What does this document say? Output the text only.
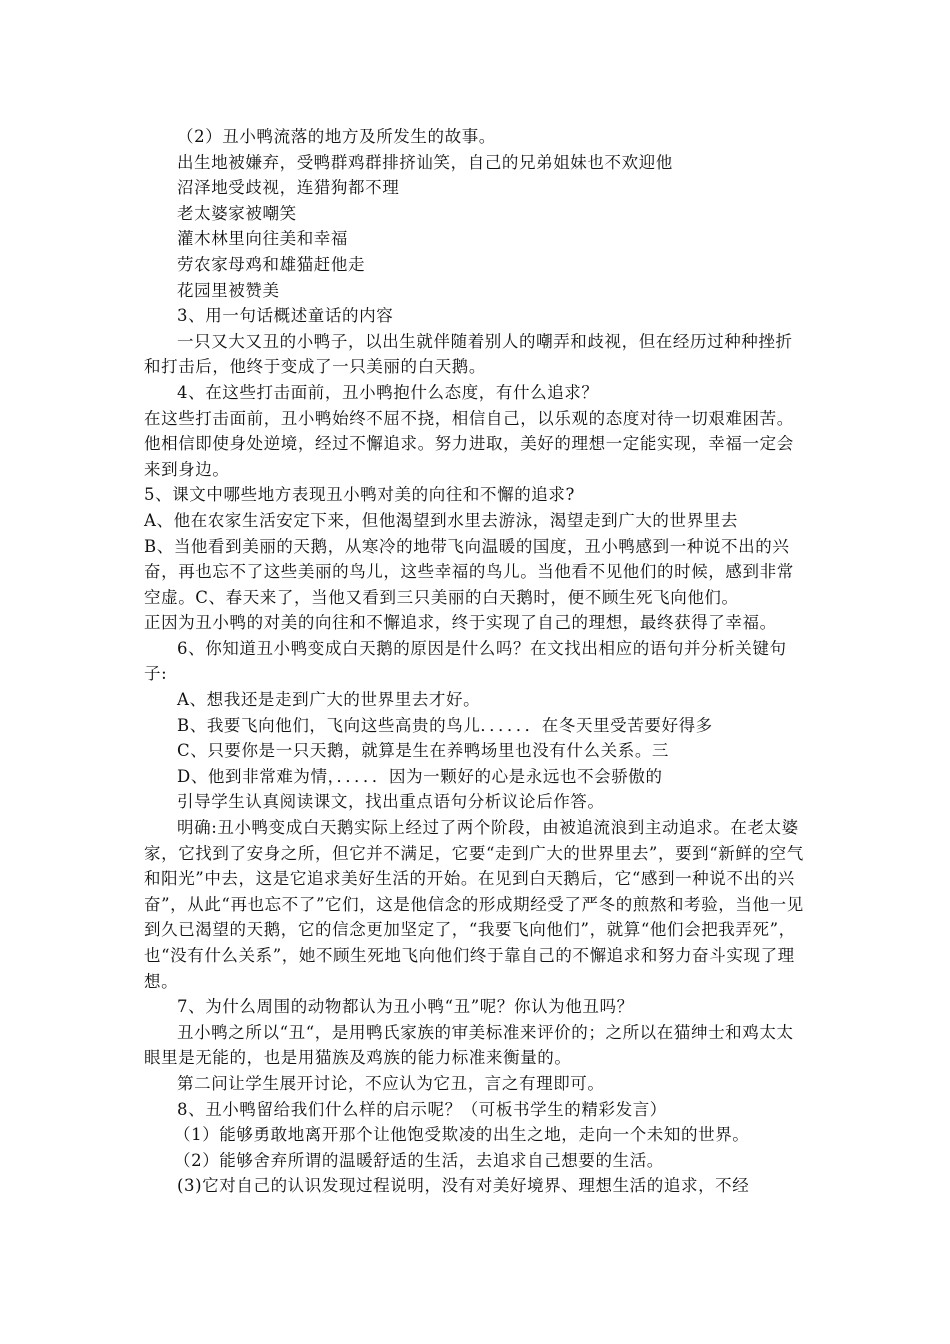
（2）丑小鸭流落的地方及所发生的故事。

出生地被嫌弃，受鸭群鸡群排挤讪笑，自己的兄弟姐妹也不欢迎他

沼泽地受歧视，连猎狗都不理

老太婆家被嘲笑

灌木林里向往美和幸福

劳农家母鸡和雄猫赶他走

花园里被赞美

3、用一句话概述童话的内容

一只又大又丑的小鸭子，以出生就伴随着别人的嘲弄和歧视，但在经历过种种挫折和打击后，他终于变成了一只美丽的白天鹅。

4、在这些打击面前，丑小鸭抱什么态度，有什么追求？

在这些打击面前，丑小鸭始终不屈不挠，相信自己，以乐观的态度对待一切艰难困苦。他相信即使身处逆境，经过不懈追求。努力进取，美好的理想一定能实现，幸福一定会来到身边。

5、课文中哪些地方表现丑小鸭对美的向往和不懈的追求?

A、他在农家生活安定下来，但他渴望到水里去游泳，渴望走到广大的世界里去

B、当他看到美丽的天鹅，从寒冷的地带飞向温暖的国度，丑小鸭感到一种说不出的兴奋，再也忘不了这些美丽的鸟儿，这些幸福的鸟儿。当他看不见他们的时候，感到非常空虚。C、春天来了，当他又看到三只美丽的白天鹅时，便不顾生死飞向他们。

正因为丑小鸭的对美的向往和不懈追求，终于实现了自己的理想，最终获得了幸福。

6、你知道丑小鸭变成白天鹅的原因是什么吗？在文找出相应的语句并分析关键句子:

A、想我还是走到广大的世界里去才好。

B、我要飞向他们，飞向这些高贵的鸟儿．．．．．．在冬天里受苦要好得多

C、只要你是一只天鹅，就算是生在养鸭场里也没有什么关系。三

D、他到非常难为情，．．．．．因为一颗好的心是永远也不会骄傲的

引导学生认真阅读课文，找出重点语句分析议论后作答。

明确:丑小鸭变成白天鹅实际上经过了两个阶段，由被追流浪到主动追求。在老太婆家，它找到了安身之所，但它并不满足，它要“走到广大的世界里去”，要到“新鲜的空气和阳光”中去，这是它追求美好生活的开始。在见到白天鹅后，它“感到一种说不出的兴奋”，从此“再也忘不了”它们，这是他信念的形成期经受了严冬的煎熬和考验，当他一见到久已渴望的天鹅，它的信念更加坚定了，“我要飞向他们”，就算“他们会把我弄死”，也“没有什么关系”，她不顾生死地飞向他们终于靠自己的不懈追求和努力奋斗实现了理想。

7、为什么周围的动物都认为丑小鸭“丑”呢？你认为他丑吗？

丑小鸭之所以“丑“，是用鸭氏家族的审美标准来评价的；之所以在猫绅士和鸡太太眼里是无能的，也是用猫族及鸡族的能力标准来衡量的。

第二问让学生展开讨论，不应认为它丑，言之有理即可。

8、丑小鸭留给我们什么样的启示呢？（可板书学生的精彩发言）

（1）能够勇敢地离开那个让他饱受欺凌的出生之地，走向一个未知的世界。

（2）能够舍弃所谓的温暖舒适的生活，去追求自己想要的生活。

(3)它对自己的认识发现过程说明，没有对美好境界、理想生活的追求，不经
